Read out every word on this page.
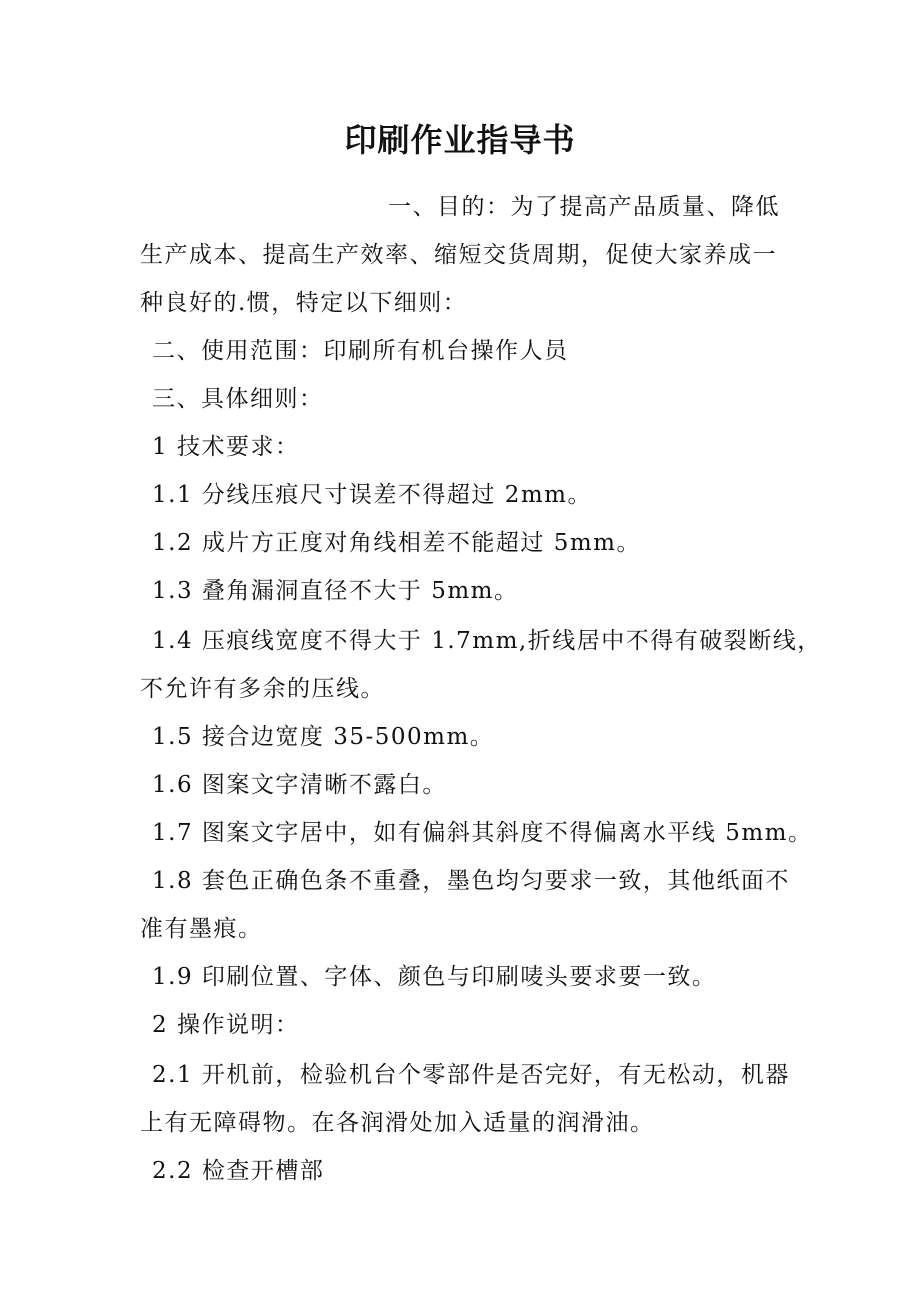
印刷作业指导书
一、目的：为了提高产品质量、降低
生产成本、提高生产效率、缩短交货周期，促使大家养成一
种良好的.惯，特定以下细则：
二、使用范围：印刷所有机台操作人员
三、具体细则：
1 技术要求：
1.1 分线压痕尺寸误差不得超过 2mm。
1.2 成片方正度对角线相差不能超过 5mm。
1.3 叠角漏洞直径不大于 5mm。
1.4 压痕线宽度不得大于 1.7mm,折线居中不得有破裂断线，
不允许有多余的压线。
1.5 接合边宽度 35-500mm。
1.6 图案文字清晰不露白。
1.7 图案文字居中，如有偏斜其斜度不得偏离水平线 5mm。
1.8 套色正确色条不重叠，墨色均匀要求一致，其他纸面不
准有墨痕。
1.9 印刷位置、字体、颜色与印刷唛头要求要一致。
2 操作说明：
2.1 开机前，检验机台个零部件是否完好，有无松动，机器
上有无障碍物。在各润滑处加入适量的润滑油。
2.2 检查开槽部
